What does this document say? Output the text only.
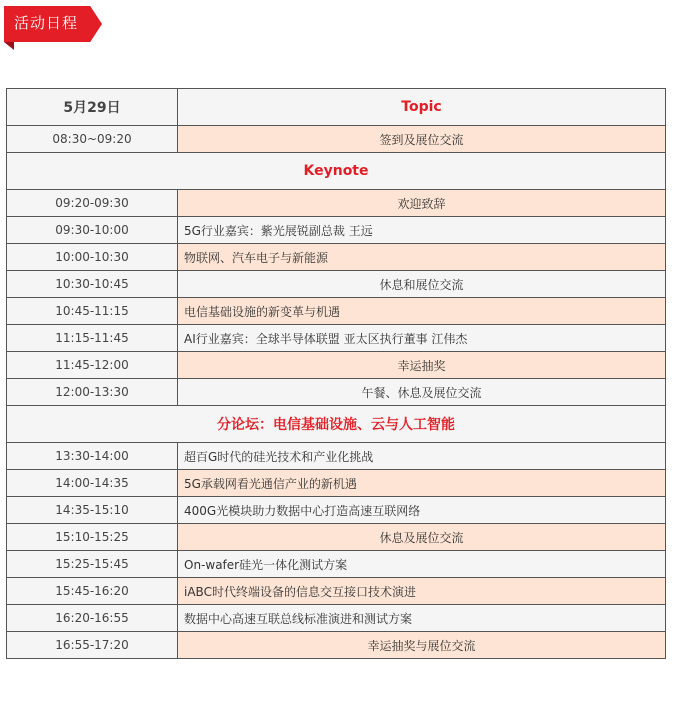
活动日程
5月29日	Topic
08:30~09:20	签到及展位交流
Keynote	
09:20-09:30	欢迎致辞
09:30-10:00	5G行业嘉宾：紫光展锐副总裁 王远
10:00-10:30	物联网、汽车电子与新能源
10:30-10:45	休息和展位交流
10:45-11:15	电信基础设施的新变革与机遇
11:15-11:45	AI行业嘉宾：全球半导体联盟 亚太区执行董事 江伟杰
11:45-12:00	幸运抽奖
12:00-13:30	午餐、休息及展位交流
分论坛：电信基础设施、云与人工智能	
13:30-14:00	超百G时代的硅光技术和产业化挑战
14:00-14:35	5G承载网看光通信产业的新机遇
14:35-15:10	400G光模块助力数据中心打造高速互联网络
15:10-15:25	休息及展位交流
15:25-15:45	On-wafer硅光一体化测试方案
15:45-16:20	iABC时代终端设备的信息交互接口技术演进
16:20-16:55	数据中心高速互联总线标准演进和测试方案
16:55-17:20	幸运抽奖与展位交流
